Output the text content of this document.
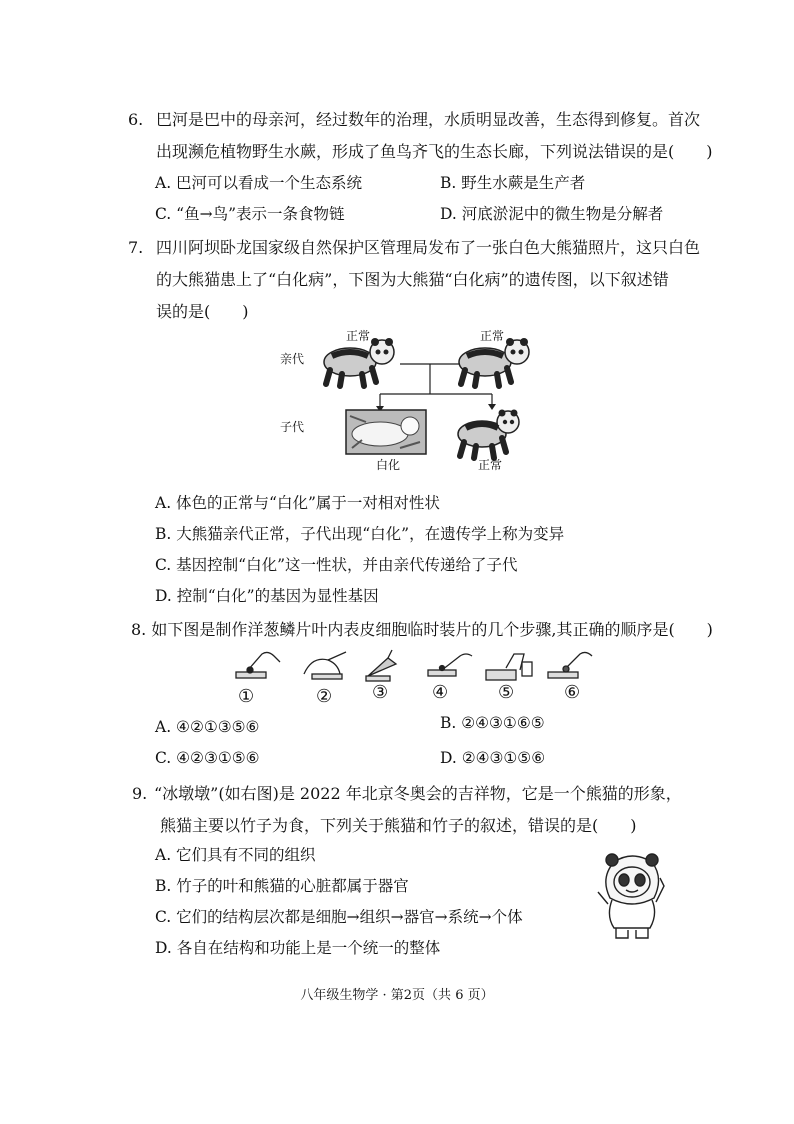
6. 巴河是巴中的母亲河，经过数年的治理，水质明显改善，生态得到修复。首次
出现濒危植物野生水蕨，形成了鱼鸟齐飞的生态长廊，下列说法错误的是(　　)
A. 巴河可以看成一个生态系统	B. 野生水蕨是生产者
C. “鱼→鸟”表示一条食物链	D. 河底淤泥中的微生物是分解者
7. 四川阿坝卧龙国家级自然保护区管理局发布了一张白色大熊猫照片，这只白色
的大熊猫患上了“白化病”，下图为大熊猫“白化病”的遗传图，以下叙述错
误的是(　　)
正常	正常
亲代
子代
白化	正常
A. 体色的正常与“白化”属于一对相对性状
B. 大熊猫亲代正常，子代出现“白化”，在遗传学上称为变异
C. 基因控制“白化”这一性状，并由亲代传递给了子代
D. 控制“白化”的基因为显性基因
8. 如下图是制作洋葱鳞片叶内表皮细胞临时装片的几个步骤,其正确的顺序是(　　)
①	② ③ ④	⑤	⑥
A. ④②①③⑤⑥	B. ②④③①⑥⑤
C. ④②③①⑤⑥	D. ②④③①⑤⑥
9. “冰墩墩”(如右图)是 2022 年北京冬奥会的吉祥物，它是一个熊猫的形象，
熊猫主要以竹子为食，下列关于熊猫和竹子的叙述，错误的是(　　)
A. 它们具有不同的组织
B. 竹子的叶和熊猫的心脏都属于器官
C. 它们的结构层次都是细胞→组织→器官→系统→个体
D. 各自在结构和功能上是一个统一的整体
八年级生物学 · 第2页（共 6 页）
